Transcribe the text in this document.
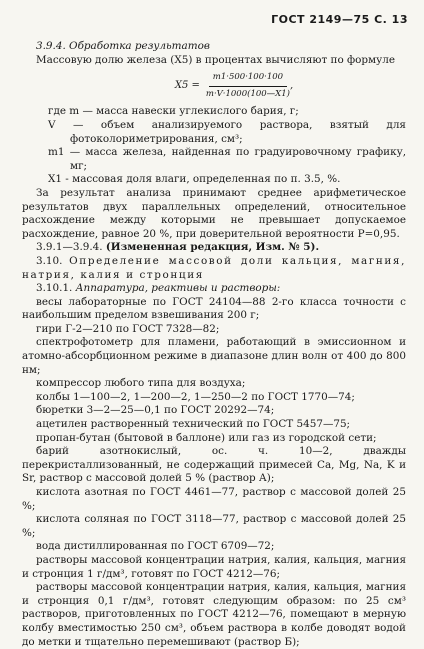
ГОСТ 2149—75 С. 13

3.9.4. Обработка результатов

Массовую долю железа (X5) в процентах вычисляют по формуле

$X5 = \frac{m1\cdot 500\cdot 100\cdot 100}{m\cdot V\cdot 1000(100—X1)}$ ,

где m — масса навески углекислого бария, г;

V — объем анализируемого раствора, взятый для фотоколориметрирования, см³;

m1 — масса железа, найденная по градуировочному графику, мг;

X1 - массовая доля влаги, определенная по п. 3.5, %.

За результат анализа принимают среднее арифметическое результатов двух параллельных определений, относительное расхождение между которыми не превышает допускаемое расхождение, равное 20 %, при доверительной вероятности P=0,95.

3.9.1—3.9.4. (Измененная редакция, Изм. № 5).

3.10. Определение массовой доли кальция, магния, натрия, калия и стронция

3.10.1. Аппаратура, реактивы и растворы:

весы лабораторные по ГОСТ 24104—88 2-го класса точности с наибольшим пределом взвешивания 200 г;

гири Г-2—210 по ГОСТ 7328—82;

спектрофотометр для пламени, работающий в эмиссионном и атомно-абсорбционном режиме в диапазоне длин волн от 400 до 800 нм;

компрессор любого типа для воздуха;

колбы 1—100—2, 1—200—2, 1—250—2 по ГОСТ 1770—74;

бюретки 3—2—25—0,1 по ГОСТ 20292—74;

ацетилен растворенный технический по ГОСТ 5457—75;

пропан-бутан (бытовой в баллоне) или газ из городской сети;

барий азотнокислый, ос. ч. 10—2, дважды перекристаллизованный, не содержащий примесей Ca, Mg, Na, K и Sr, раствор с массовой долей 5 % (раствор А);

кислота азотная по ГОСТ 4461—77, раствор с массовой долей 25 %;

кислота соляная по ГОСТ 3118—77, раствор с массовой долей 25 %;

вода дистиллированная по ГОСТ 6709—72;

растворы массовой концентрации натрия, калия, кальция, магния и стронция 1 г/дм³, готовят по ГОСТ 4212—76;

растворы массовой концентрации натрия, калия, кальция, магния и стронция 0,1 г/дм³, готовят следующим образом: по 25 см³ растворов, приготовленных по ГОСТ 4212—76, помещают в мерную колбу вместимостью 250 см³, объем раствора в колбе доводят водой до метки и тщательно перемешивают (раствор Б);
